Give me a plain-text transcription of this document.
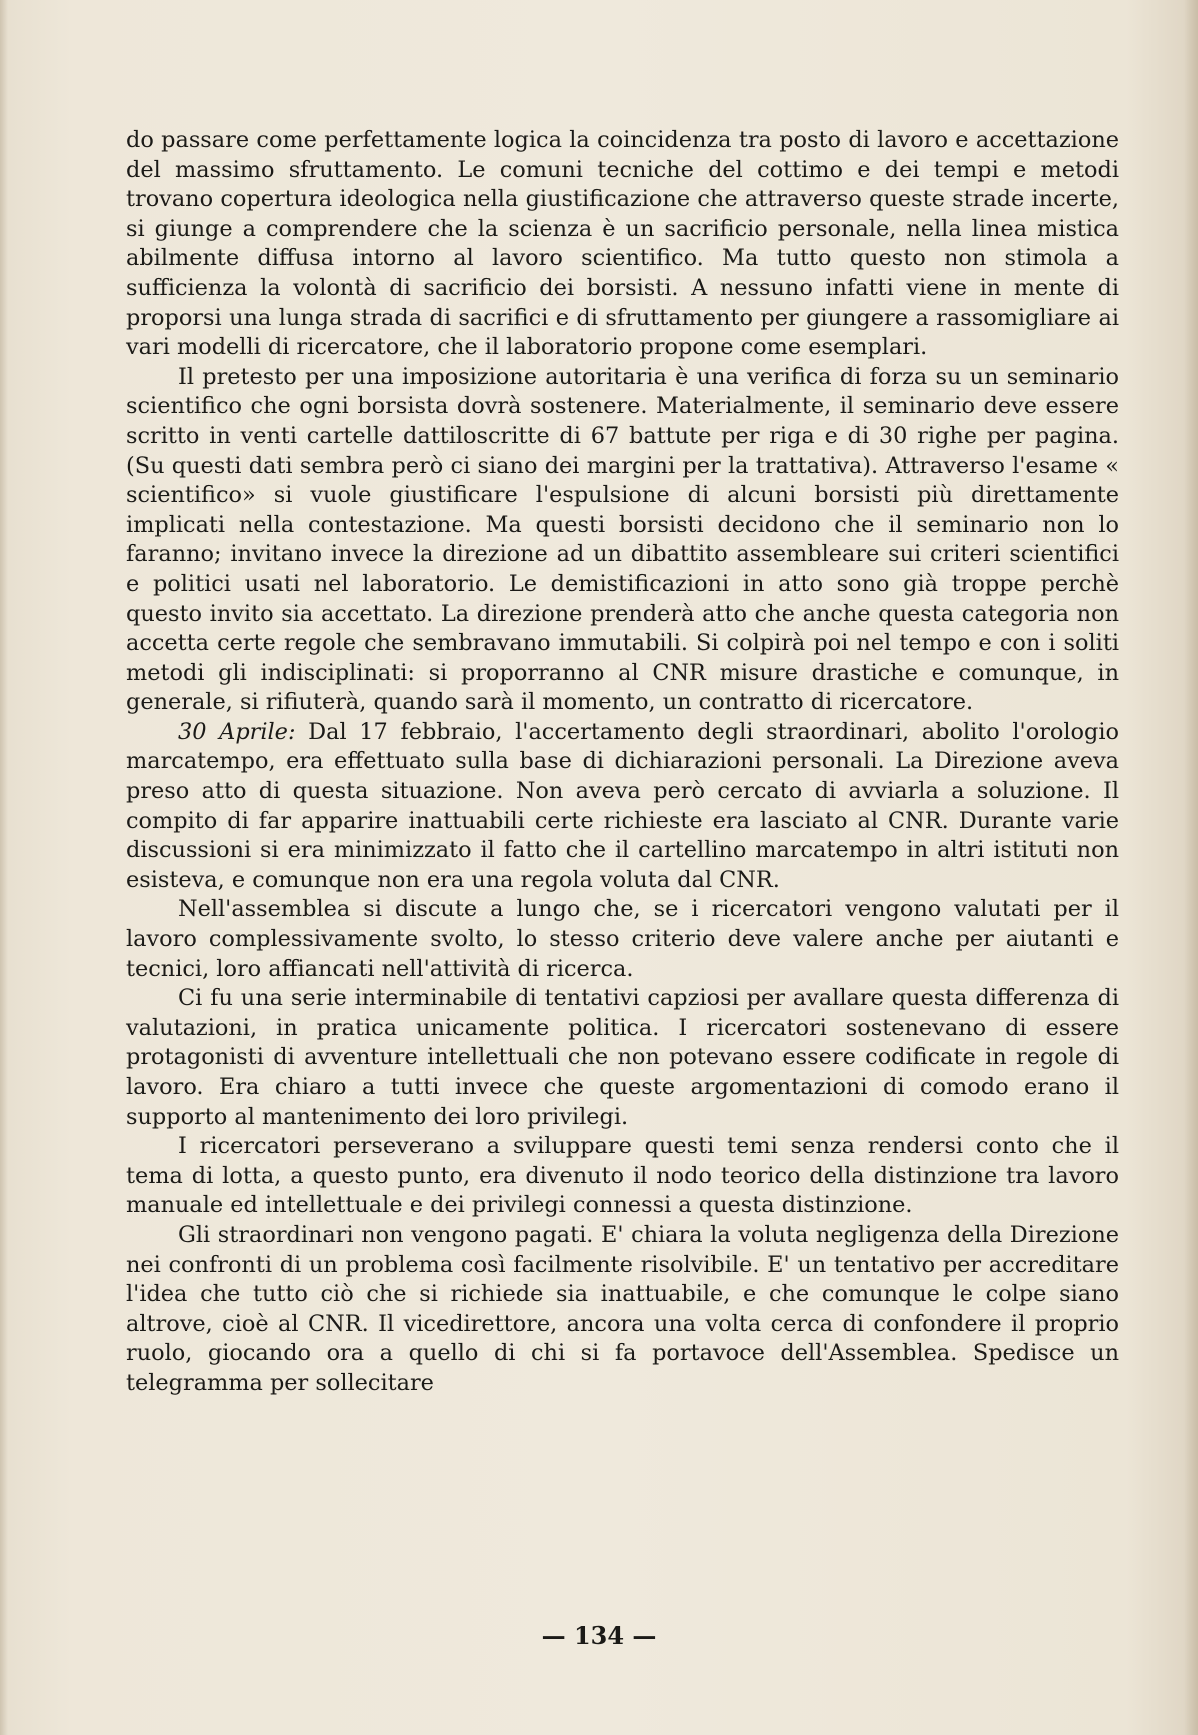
do passare come perfettamente logica la coincidenza tra posto di lavoro e accettazione del massimo sfruttamento. Le comuni tecniche del cottimo e dei tempi e metodi trovano copertura ideologica nella giustificazione che attraverso queste strade incerte, si giunge a comprendere che la scienza è un sacrificio personale, nella linea mistica abilmente diffusa intorno al lavoro scientifico. Ma tutto questo non stimola a sufficienza la volontà di sacrificio dei borsisti. A nessuno infatti viene in mente di proporsi una lunga strada di sacrifici e di sfruttamento per giungere a rassomigliare ai vari modelli di ricercatore, che il laboratorio propone come esemplari.

Il pretesto per una imposizione autoritaria è una verifica di forza su un seminario scientifico che ogni borsista dovrà sostenere. Materialmente, il seminario deve essere scritto in venti cartelle dattiloscritte di 67 battute per riga e di 30 righe per pagina. (Su questi dati sembra però ci siano dei margini per la trattativa). Attraverso l'esame « scientifico» si vuole giustificare l'espulsione di alcuni borsisti più direttamente implicati nella contestazione. Ma questi borsisti decidono che il seminario non lo faranno; invitano invece la direzione ad un dibattito assembleare sui criteri scientifici e politici usati nel laboratorio. Le demistificazioni in atto sono già troppe perchè questo invito sia accettato. La direzione prenderà atto che anche questa categoria non accetta certe regole che sembravano immutabili. Si colpirà poi nel tempo e con i soliti metodi gli indisciplinati: si proporranno al CNR misure drastiche e comunque, in generale, si rifiuterà, quando sarà il momento, un contratto di ricercatore.

30 Aprile: Dal 17 febbraio, l'accertamento degli straordinari, abolito l'orologio marcatempo, era effettuato sulla base di dichiarazioni personali. La Direzione aveva preso atto di questa situazione. Non aveva però cercato di avviarla a soluzione. Il compito di far apparire inattuabili certe richieste era lasciato al CNR. Durante varie discussioni si era minimizzato il fatto che il cartellino marcatempo in altri istituti non esisteva, e comunque non era una regola voluta dal CNR.

Nell'assemblea si discute a lungo che, se i ricercatori vengono valutati per il lavoro complessivamente svolto, lo stesso criterio deve valere anche per aiutanti e tecnici, loro affiancati nell'attività di ricerca.

Ci fu una serie interminabile di tentativi capziosi per avallare questa differenza di valutazioni, in pratica unicamente politica. I ricercatori sostenevano di essere protagonisti di avventure intellettuali che non potevano essere codificate in regole di lavoro. Era chiaro a tutti invece che queste argomentazioni di comodo erano il supporto al mantenimento dei loro privilegi.

I ricercatori perseverano a sviluppare questi temi senza rendersi conto che il tema di lotta, a questo punto, era divenuto il nodo teorico della distinzione tra lavoro manuale ed intellettuale e dei privilegi connessi a questa distinzione.

Gli straordinari non vengono pagati. E' chiara la voluta negligenza della Direzione nei confronti di un problema così facilmente risolvibile. E' un tentativo per accreditare l'idea che tutto ciò che si richiede sia inattuabile, e che comunque le colpe siano altrove, cioè al CNR. Il vicedirettore, ancora una volta cerca di confondere il proprio ruolo, giocando ora a quello di chi si fa portavoce dell'Assemblea. Spedisce un telegramma per sollecitare

— 134 —
